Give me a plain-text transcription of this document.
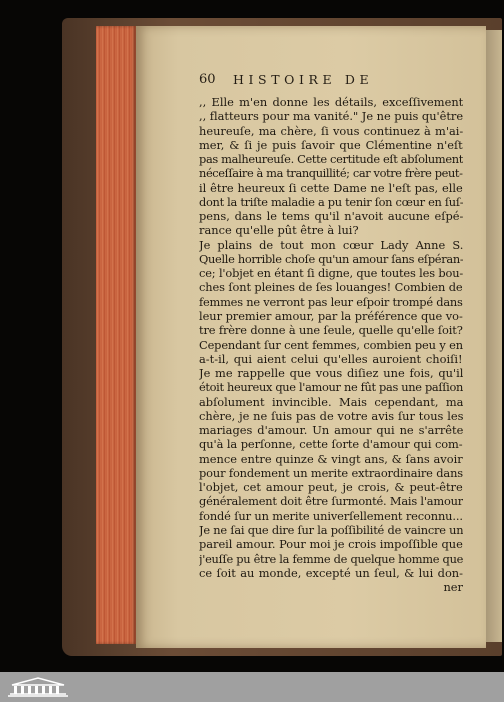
60 HISTOIRE DE
,, Elle m'en donne les détails, exceſſivement
,, flatteurs pour ma vanité." Je ne puis qu'être
heureuſe, ma chère, ſi vous continuez à m'ai-
mer, & ſi je puis ſavoir que Clémentine n'eſt
pas malheureuſe. Cette certitude eſt abſolument
néceſſaire à ma tranquillité; car votre frère peut-
il être heureux ſi cette Dame ne l'eſt pas, elle
dont la triſte maladie a pu tenir ſon cœur en ſuſ-
pens, dans le tems qu'il n'avoit aucune eſpé-
rance qu'elle pût être à lui?
Je plains de tout mon cœur Lady Anne S.
Quelle horrible choſe qu'un amour ſans eſpéran-
ce; l'objet en étant ſi digne, que toutes les bou-
ches ſont pleines de ſes louanges! Combien de
femmes ne verront pas leur eſpoir trompé dans
leur premier amour, par la préférence que vo-
tre frère donne à une ſeule, quelle qu'elle ſoit?
Cependant ſur cent femmes, combien peu y en
a-t-il, qui aient celui qu'elles auroient choiſi!
Je me rappelle que vous diſiez une fois, qu'il
étoit heureux que l'amour ne fût pas une paſſion
abſolument invincible. Mais cependant, ma
chère, je ne ſuis pas de votre avis ſur tous les
mariages d'amour. Un amour qui ne s'arrête
qu'à la perſonne, cette ſorte d'amour qui com-
mence entre quinze & vingt ans, & ſans avoir
pour fondement un merite extraordinaire dans
l'objet, cet amour peut, je crois, & peut-être
généralement doit être ſurmonté. Mais l'amour
fondé ſur un merite univerſellement reconnu...
Je ne ſai que dire ſur la poſſibilité de vaincre un
pareil amour. Pour moi je crois impoſſible que
j'euſſe pu être la femme de quelque homme que
ce ſoit au monde, excepté un ſeul, & lui don-
ner
